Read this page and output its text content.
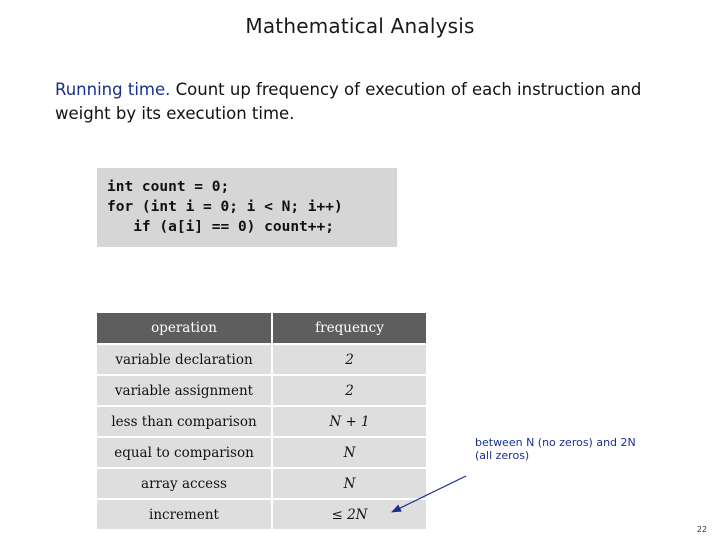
Mathematical Analysis
Running time. Count up frequency of execution of each instruction and weight by its execution time.
int count = 0;
for (int i = 0; i < N; i++)
if (a[i] == 0) count++;
operation	frequency
variable declaration	2
variable assignment	2
less than comparison	N + 1
equal to comparison	N
array access	N
increment	≤ 2N
between N (no zeros) and 2N (all zeros)
22
